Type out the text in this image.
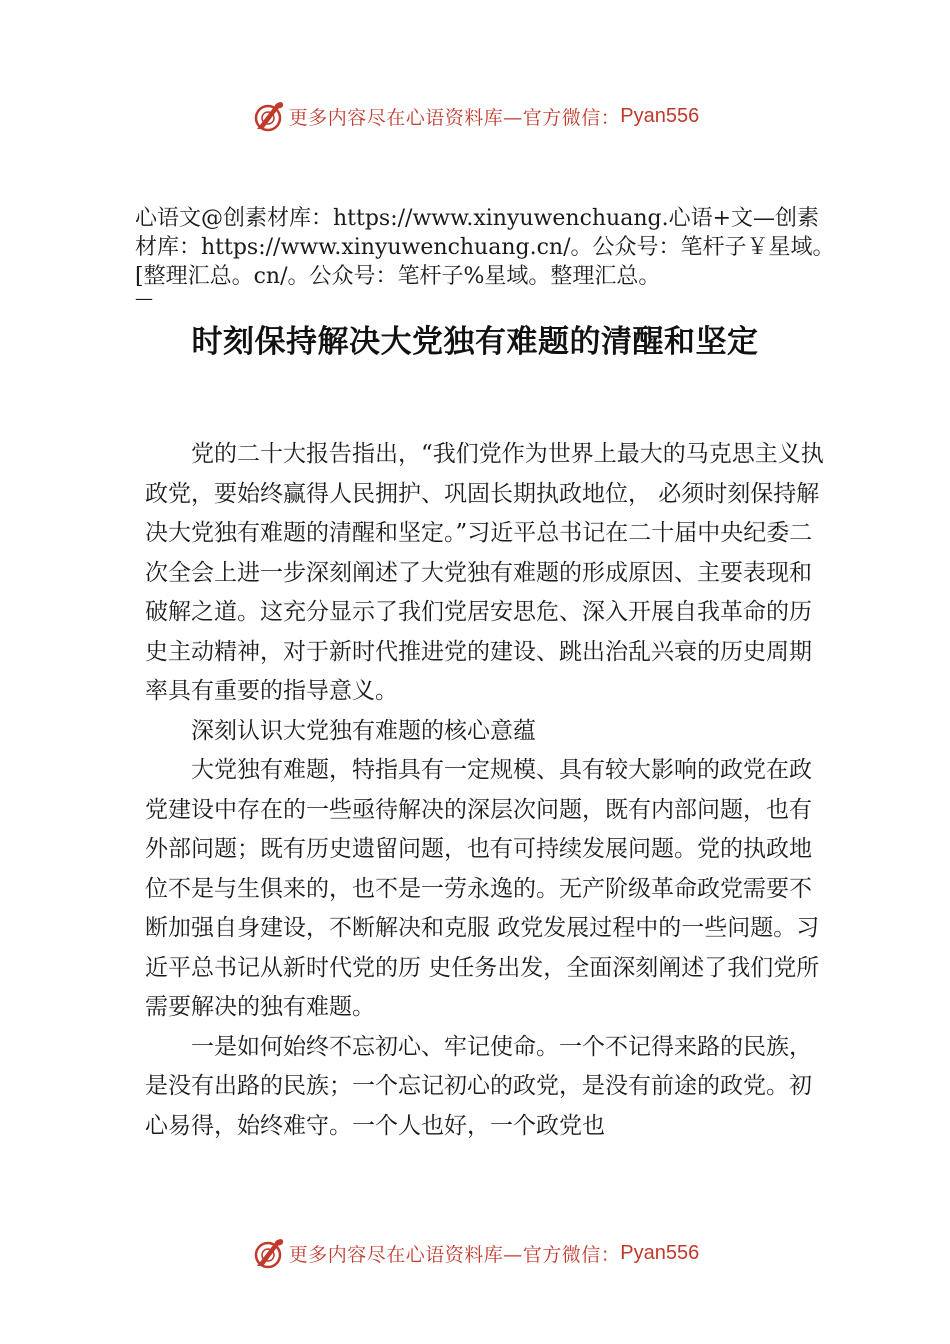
更多内容尽在心语资料库—官方微信： Pyan556
心语文@创素材库：https://www.xinyuwenchuang.心语+文—创素材库：https://www.xinyuwenchuang.cn/。公众号：笔杆子￥星域。[整理汇总。cn/。公众号：笔杆子%星域。整理汇总。
—
时刻保持解决大党独有难题的清醒和坚定

党的二十大报告指出，“我们党作为世界上最大的马克思主义执政党，要始终赢得人民拥护、巩固长期执政地位， 必须时刻保持解决大党独有难题的清醒和坚定。”习近平总书记在二十届中央纪委二次全会上进一步深刻阐述了大党独有难题的形成原因、主要表现和破解之道。这充分显示了我们党居安思危、深入开展自我革命的历史主动精神，对于新时代推进党的建设、跳出治乱兴衰的历史周期率具有重要的指导意义。

深刻认识大党独有难题的核心意蕴

大党独有难题，特指具有一定规模、具有较大影响的政党在政党建设中存在的一些亟待解决的深层次问题，既有内部问题，也有外部问题；既有历史遗留问题，也有可持续发展问题。党的执政地位不是与生俱来的，也不是一劳永逸的。无产阶级革命政党需要不断加强自身建设，不断解决和克服 政党发展过程中的一些问题。习近平总书记从新时代党的历 史任务出发，全面深刻阐述了我们党所需要解决的独有难题。

一是如何始终不忘初心、牢记使命。一个不记得来路的民族，是没有出路的民族；一个忘记初心的政党，是没有前途的政党。初心易得，始终难守。一个人也好，一个政党也

更多内容尽在心语资料库—官方微信： Pyan556
